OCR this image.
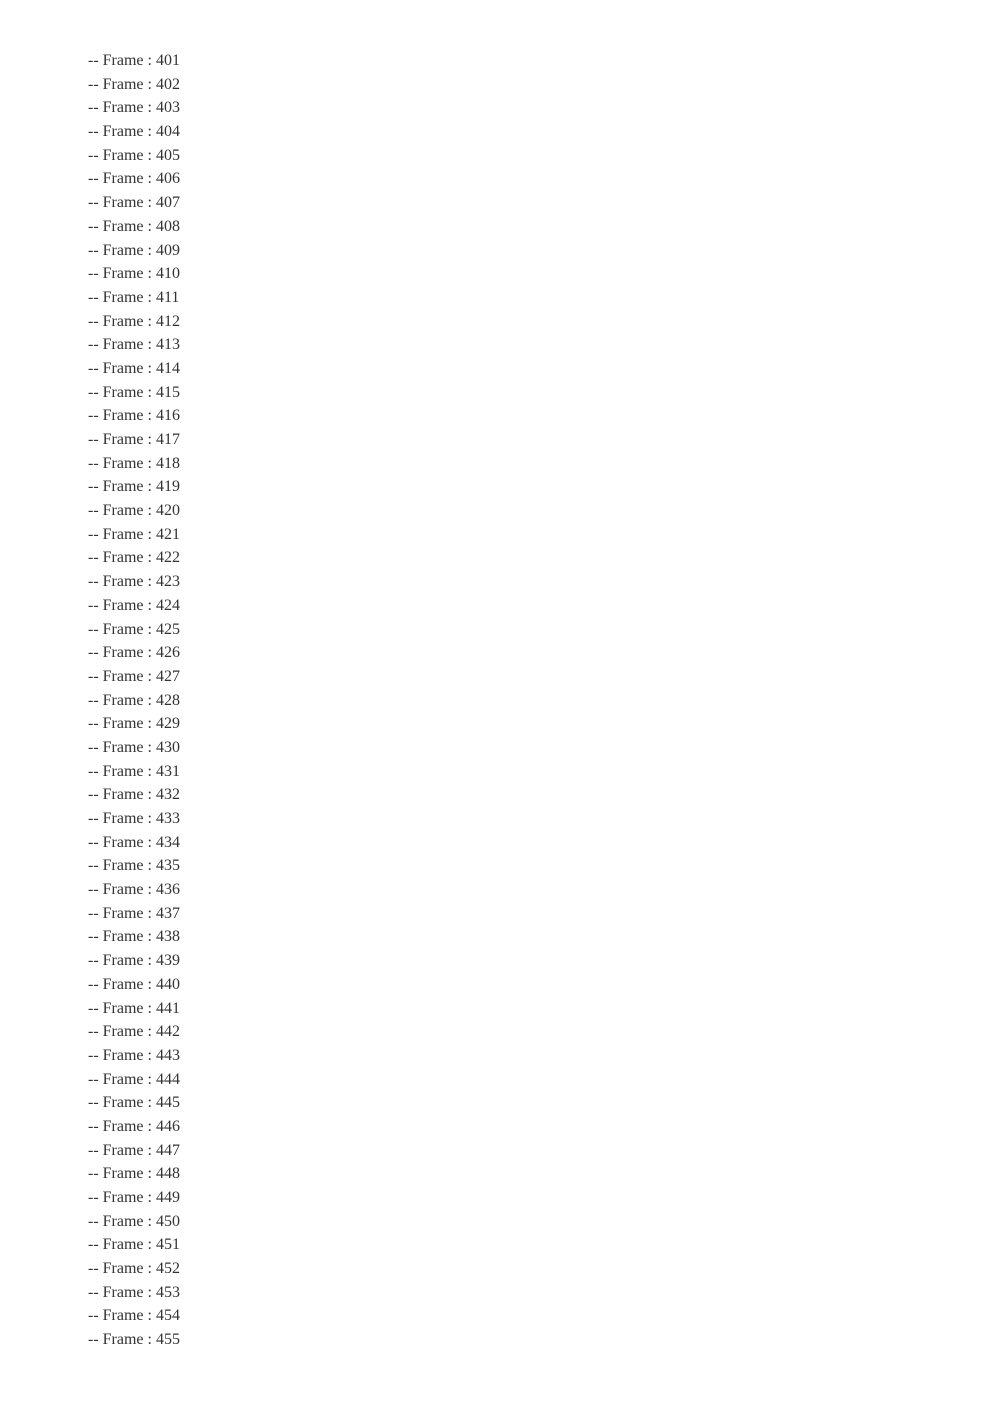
-- Frame : 401
-- Frame : 402
-- Frame : 403
-- Frame : 404
-- Frame : 405
-- Frame : 406
-- Frame : 407
-- Frame : 408
-- Frame : 409
-- Frame : 410
-- Frame : 411
-- Frame : 412
-- Frame : 413
-- Frame : 414
-- Frame : 415
-- Frame : 416
-- Frame : 417
-- Frame : 418
-- Frame : 419
-- Frame : 420
-- Frame : 421
-- Frame : 422
-- Frame : 423
-- Frame : 424
-- Frame : 425
-- Frame : 426
-- Frame : 427
-- Frame : 428
-- Frame : 429
-- Frame : 430
-- Frame : 431
-- Frame : 432
-- Frame : 433
-- Frame : 434
-- Frame : 435
-- Frame : 436
-- Frame : 437
-- Frame : 438
-- Frame : 439
-- Frame : 440
-- Frame : 441
-- Frame : 442
-- Frame : 443
-- Frame : 444
-- Frame : 445
-- Frame : 446
-- Frame : 447
-- Frame : 448
-- Frame : 449
-- Frame : 450
-- Frame : 451
-- Frame : 452
-- Frame : 453
-- Frame : 454
-- Frame : 455
